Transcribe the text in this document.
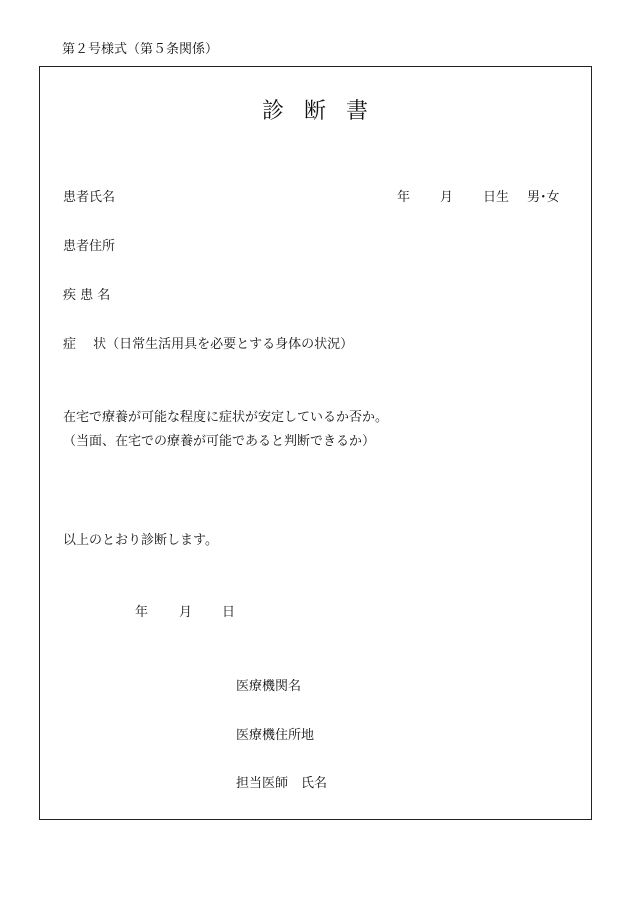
第２号様式（第５条関係）
診断書
患者氏名	年 月 日生 男･女
患者住所
疾 患 名
症　 状（日常生活用具を必要とする身体の状況）
在宅で療養が可能な程度に症状が安定しているか否か。
（当面、在宅での療養が可能であると判断できるか）
以上のとおり診断します。
年 月 日
医療機関名
医療機住所地
担当医師　氏名
